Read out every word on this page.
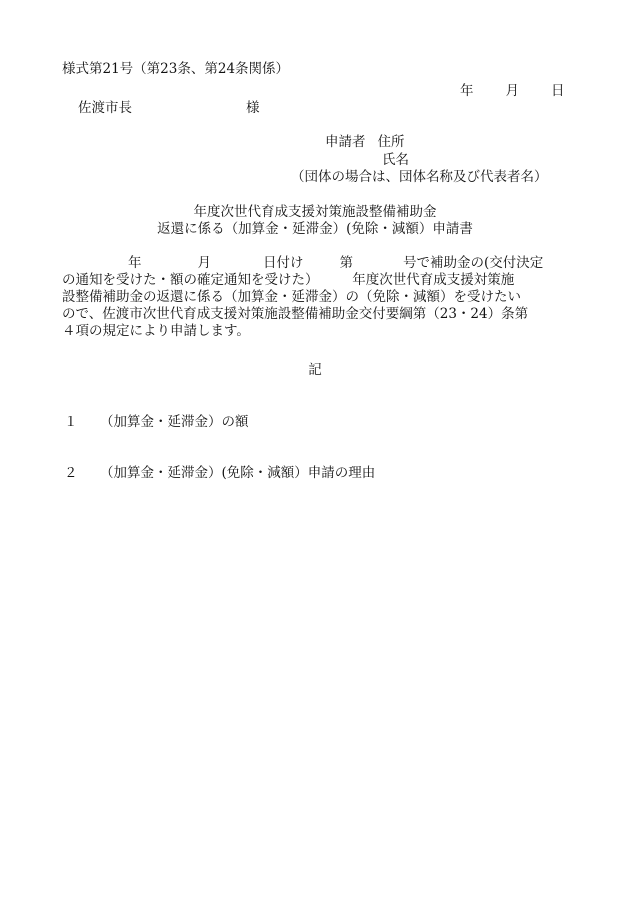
様式第21号（第23条、第24条関係）
年 月 日
佐渡市長	様
申請者 住所
氏名
（団体の場合は、団体名称及び代表者名）
年度次世代育成支援対策施設整備補助金
返還に係る（加算金・延滞金）(免除・減額）申請書
年	月	日付け	第	号で補助金の(交付決定
の通知を受けた・額の確定通知を受けた）　　　年度次世代育成支援対策施
設整備補助金の返還に係る（加算金・延滞金）の（免除・減額）を受けたい
ので、佐渡市次世代育成支援対策施設整備補助金交付要綱第（23・24）条第
４項の規定により申請します。
記
１ （加算金・延滞金）の額
２ （加算金・延滞金）(免除・減額）申請の理由
